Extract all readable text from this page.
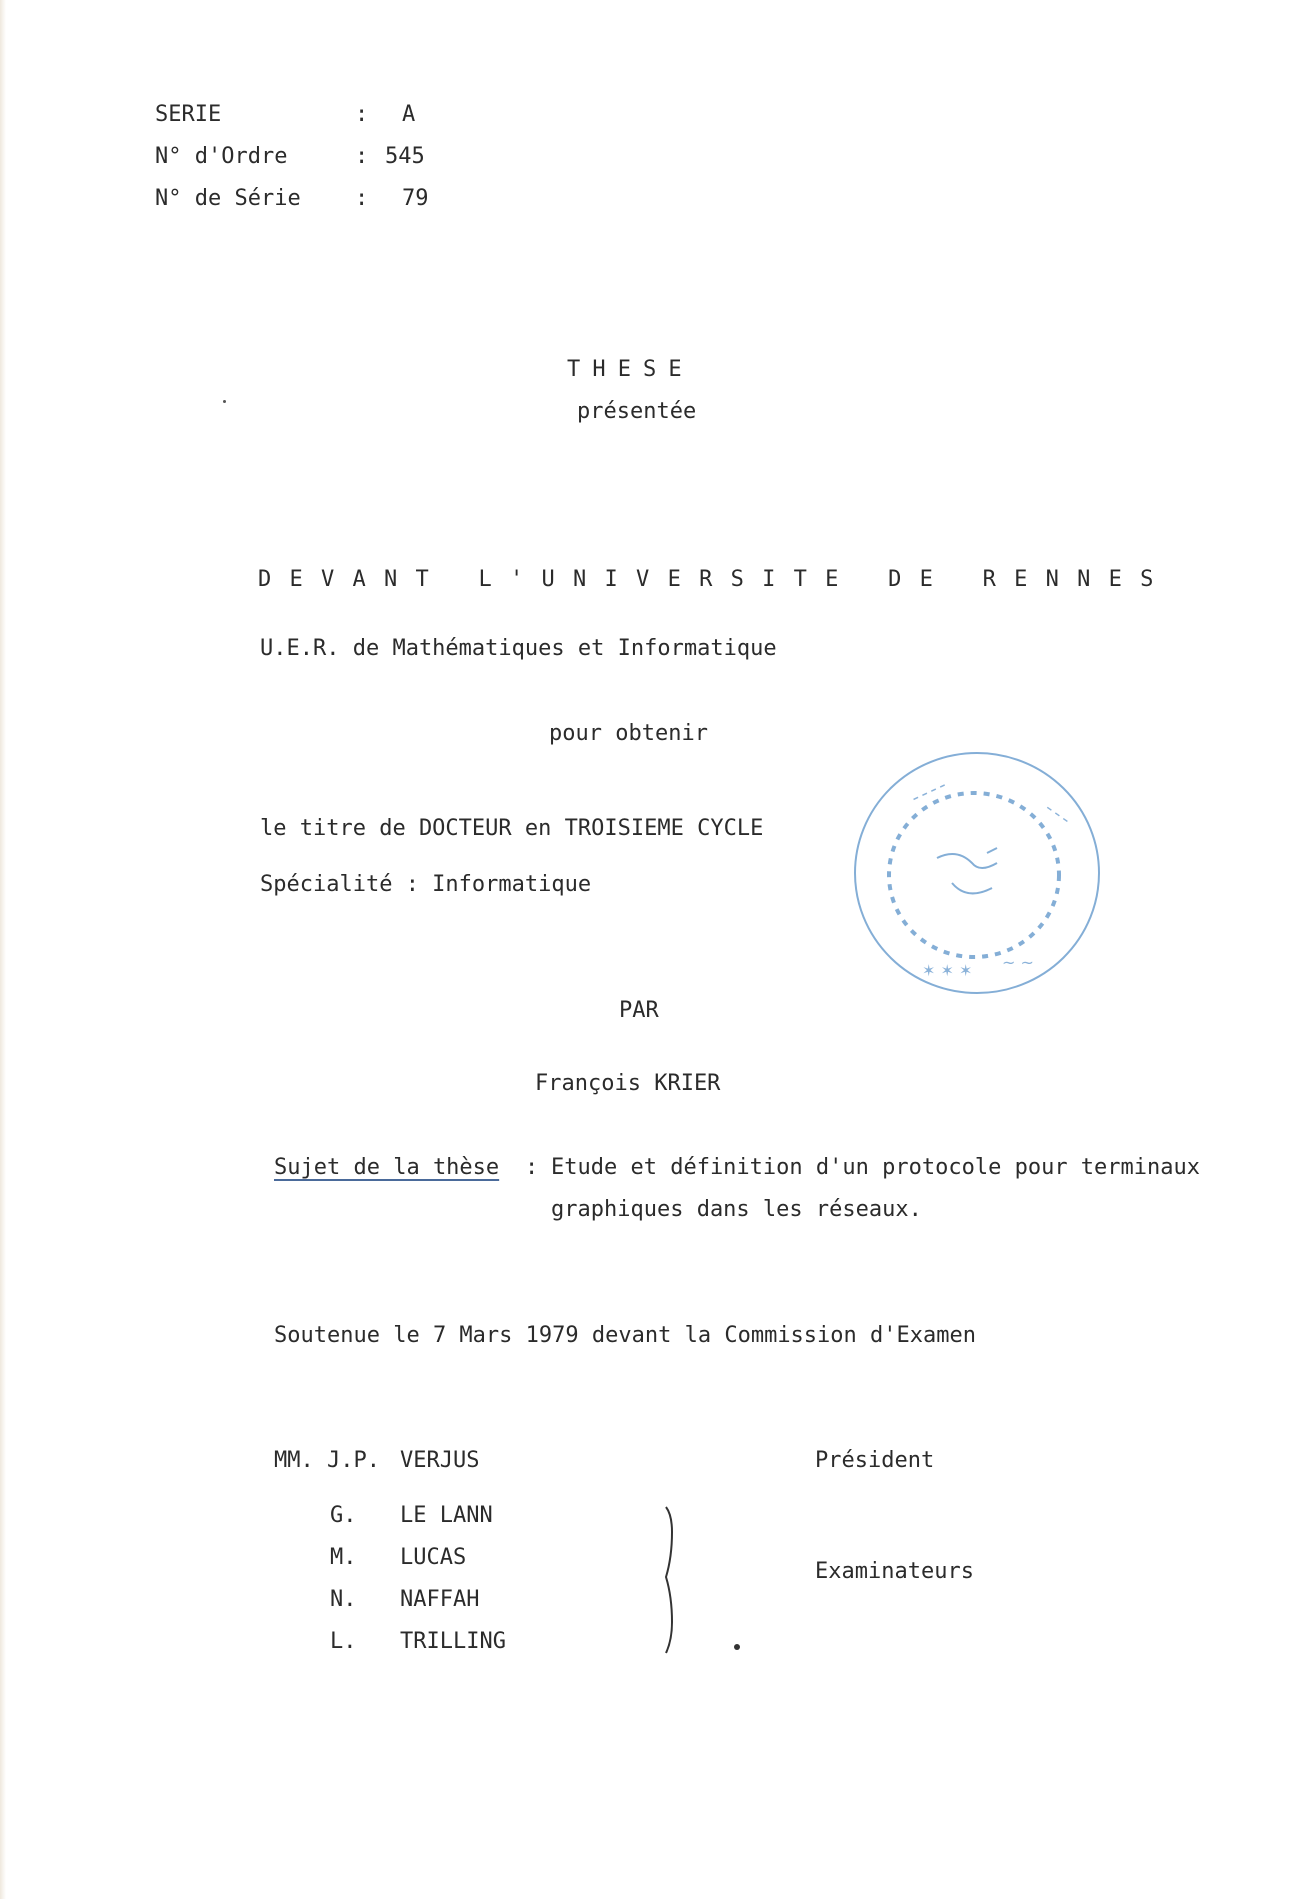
SERIE	: A
N° d'Ordre	: 545
N° de Série : 79
THESE
présentée
DEVANT L'UNIVERSITE DE RENNES
U.E.R. de Mathématiques et Informatique
pour obtenir
le titre de DOCTEUR en TROISIEME CYCLE
Spécialité : Informatique
ـ ـ ـ ـ
ـ ـ ـ
✶ ✶ ✶ ~ ~
PAR
François KRIER
Sujet de la thèse : Etude et définition d'un protocole pour terminaux
graphiques dans les réseaux.
Soutenue le 7 Mars 1979 devant la Commission d'Examen
MM. J.P. VERJUS	Président
G. LE LANN
M. LUCAS
N. NAFFAH
L. TRILLING
Examinateurs
